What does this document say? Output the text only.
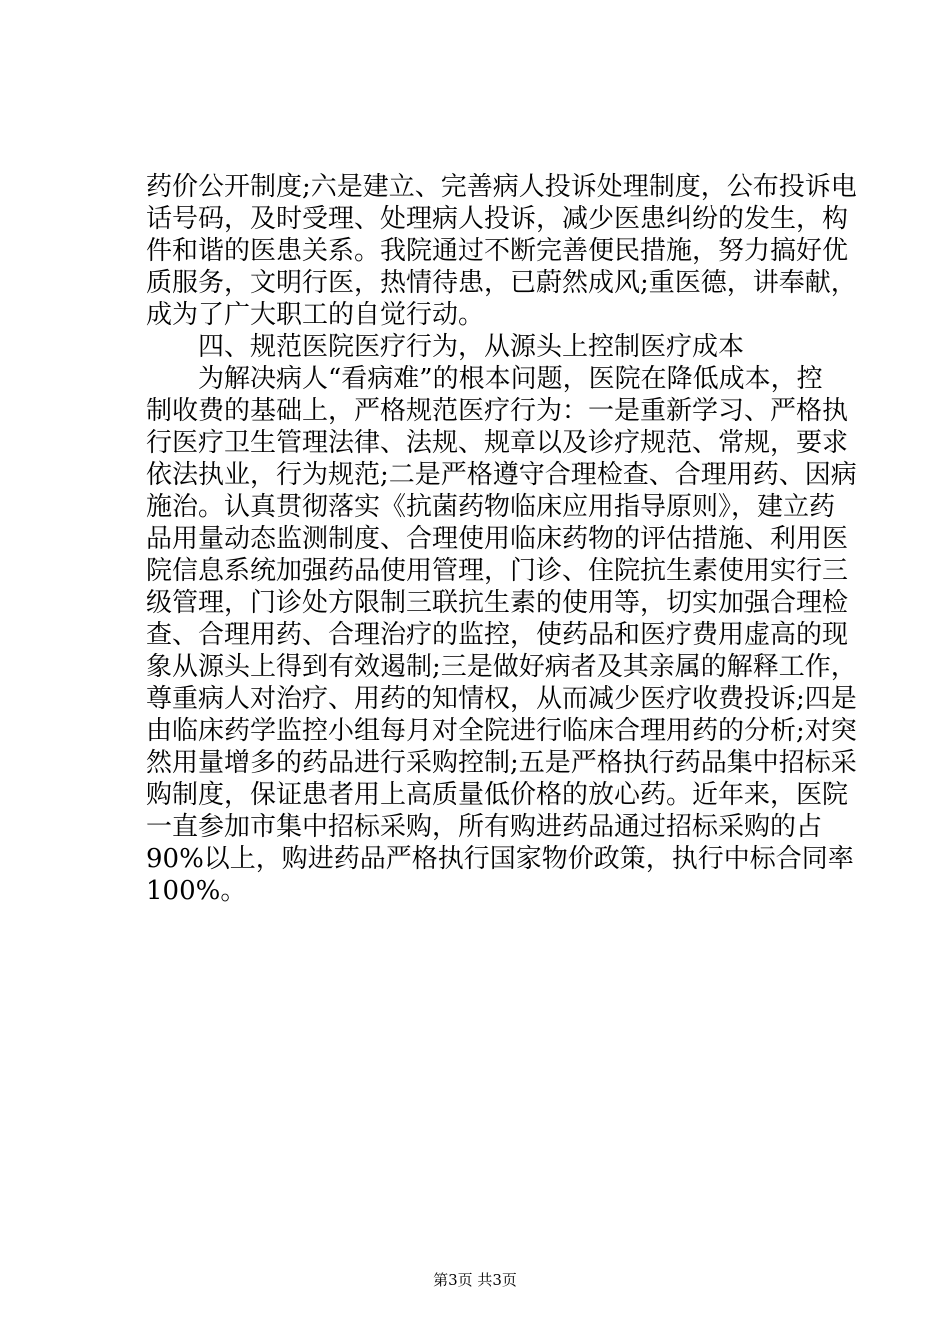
药价公开制度;六是建立、完善病人投诉处理制度，公布投诉电
话号码，及时受理、处理病人投诉，减少医患纠纷的发生，构
件和谐的医患关系。我院通过不断完善便民措施，努力搞好优
质服务，文明行医，热情待患，已蔚然成风;重医德，讲奉献，
成为了广大职工的自觉行动。
　　四、规范医院医疗行为，从源头上控制医疗成本
　　为解决病人“看病难”的根本问题，医院在降低成本，控
制收费的基础上，严格规范医疗行为：一是重新学习、严格执
行医疗卫生管理法律、法规、规章以及诊疗规范、常规，要求
依法执业，行为规范;二是严格遵守合理检查、合理用药、因病
施治。认真贯彻落实《抗菌药物临床应用指导原则》，建立药
品用量动态监测制度、合理使用临床药物的评估措施、利用医
院信息系统加强药品使用管理，门诊、住院抗生素使用实行三
级管理，门诊处方限制三联抗生素的使用等，切实加强合理检
查、合理用药、合理治疗的监控，使药品和医疗费用虚高的现
象从源头上得到有效遏制;三是做好病者及其亲属的解释工作，
尊重病人对治疗、用药的知情权，从而减少医疗收费投诉;四是
由临床药学监控小组每月对全院进行临床合理用药的分析;对突
然用量增多的药品进行采购控制;五是严格执行药品集中招标采
购制度，保证患者用上高质量低价格的放心药。近年来，医院
一直参加市集中招标采购，所有购进药品通过招标采购的占
90%以上，购进药品严格执行国家物价政策，执行中标合同率
100%。
第3页 共3页
